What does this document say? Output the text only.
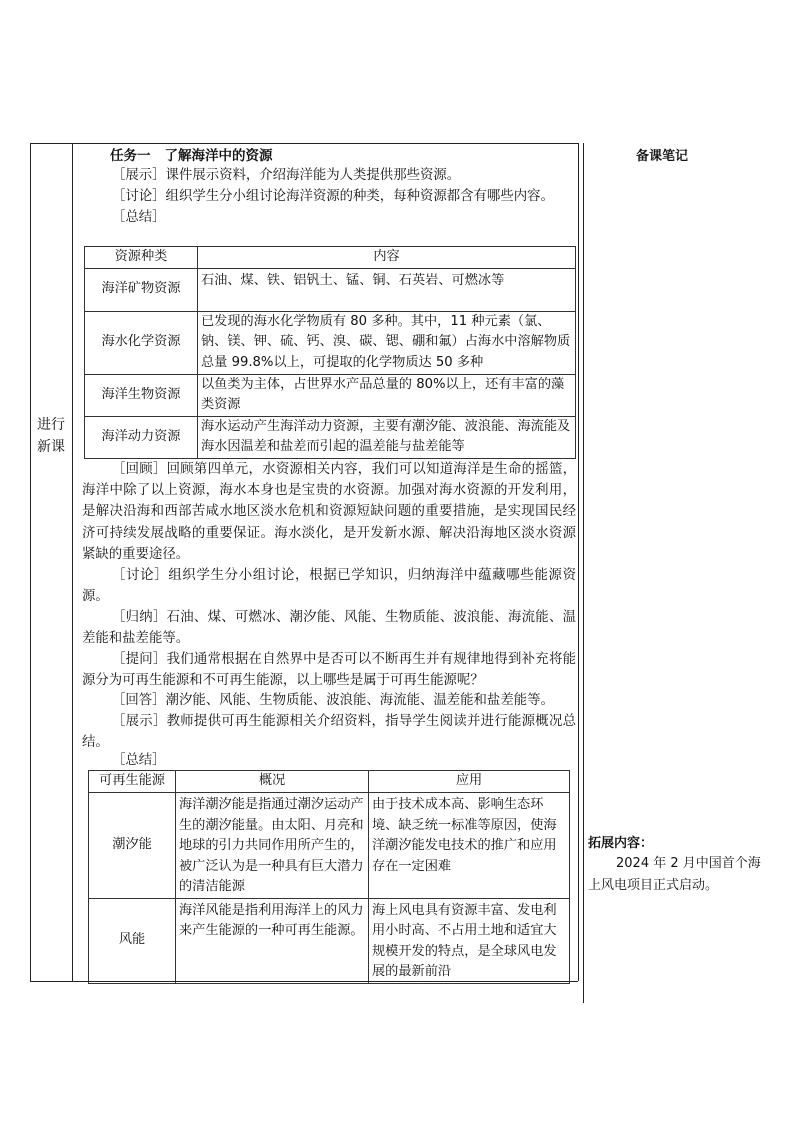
进行
新课
任务一 了解海洋中的资源
［展示］课件展示资料，介绍海洋能为人类提供那些资源。
［讨论］组织学生分小组讨论海洋资源的种类，每种资源都含有哪些内容。
［总结］
资源种类	内容
海洋矿物资源	石油、煤、铁、铝钒土、锰、铜、石英岩、可燃冰等
海水化学资源	已发现的海水化学物质有 80 多种。其中，11 种元素（氯、钠、镁、钾、硫、钙、溴、碳、锶、硼和氟）占海水中溶解物质总量 99.8%以上，可提取的化学物质达 50 多种
海洋生物资源	以鱼类为主体，占世界水产品总量的 80%以上，还有丰富的藻类资源
海洋动力资源	海水运动产生海洋动力资源，主要有潮汐能、波浪能、海流能及海水因温差和盐差而引起的温差能与盐差能等
［回顾］回顾第四单元，水资源相关内容，我们可以知道海洋是生命的摇篮，海洋中除了以上资源，海水本身也是宝贵的水资源。加强对海水资源的开发利用，是解决沿海和西部苦咸水地区淡水危机和资源短缺问题的重要措施，是实现国民经济可持续发展战略的重要保证。海水淡化，是开发新水源、解决沿海地区淡水资源紧缺的重要途径。
［讨论］组织学生分小组讨论，根据已学知识，归纳海洋中蕴藏哪些能源资源。
［归纳］石油、煤、可燃冰、潮汐能、风能、生物质能、波浪能、海流能、温差能和盐差能等。
［提问］我们通常根据在自然界中是否可以不断再生并有规律地得到补充将能源分为可再生能源和不可再生能源，以上哪些是属于可再生能源呢？
［回答］潮汐能、风能、生物质能、波浪能、海流能、温差能和盐差能等。
［展示］教师提供可再生能源相关介绍资料，指导学生阅读并进行能源概况总结。
［总结］
可再生能源	概况	应用
潮汐能	海洋潮汐能是指通过潮汐运动产生的潮汐能量。由太阳、月亮和地球的引力共同作用所产生的，被广泛认为是一种具有巨大潜力的清洁能源	由于技术成本高、影响生态环境、缺乏统一标准等原因，使海洋潮汐能发电技术的推广和应用存在一定困难
风能	海洋风能是指利用海洋上的风力来产生能源的一种可再生能源。	海上风电具有资源丰富、发电利用小时高、不占用土地和适宜大规模开发的特点，是全球风电发展的最新前沿
备课笔记
拓展内容：
2024 年 2 月中国首个海上风电项目正式启动。
